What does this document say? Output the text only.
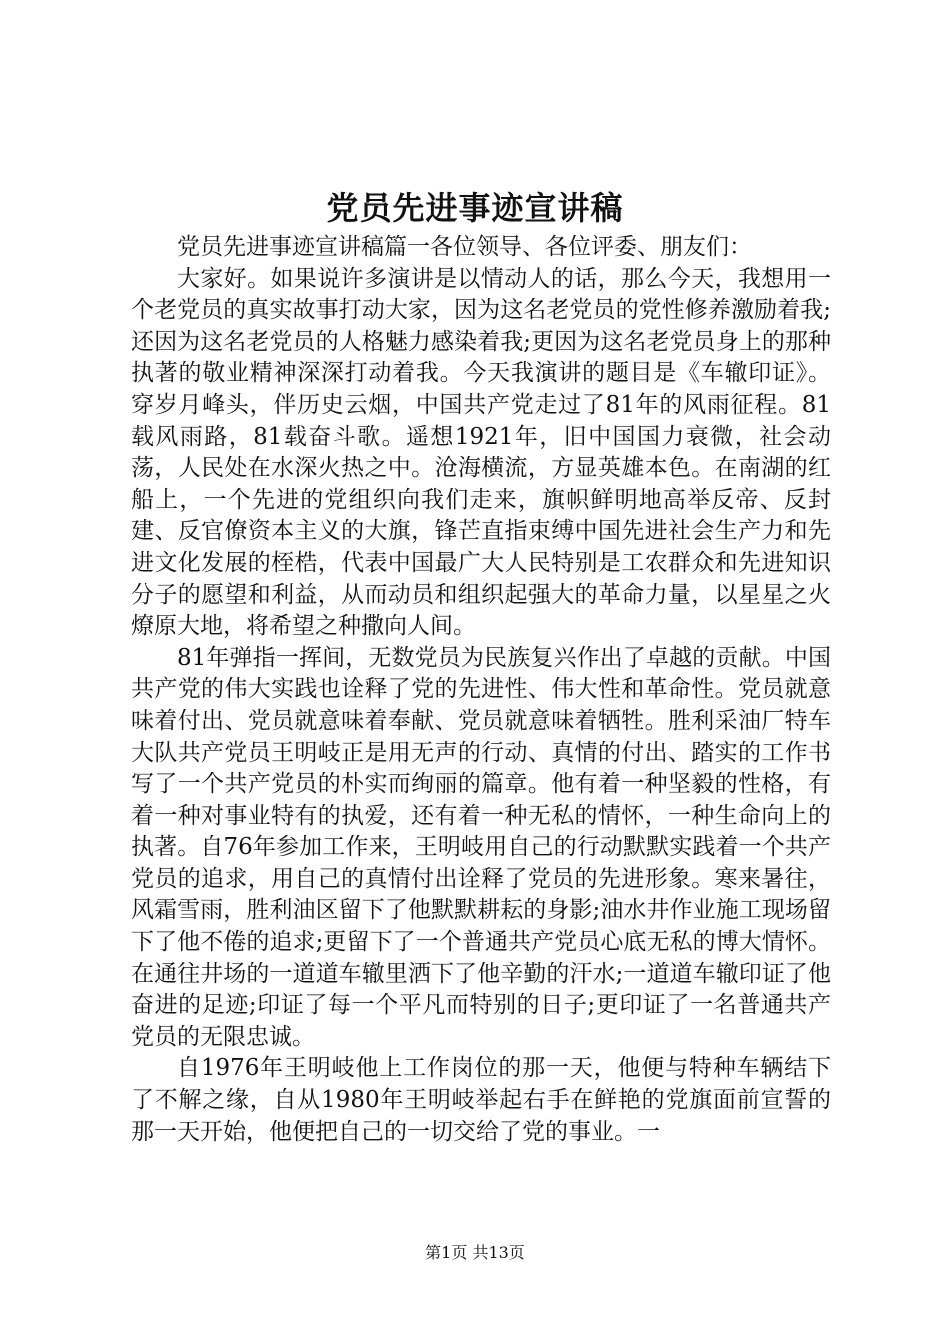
党员先进事迹宣讲稿

党员先进事迹宣讲稿篇一各位领导、各位评委、朋友们：

大家好。如果说许多演讲是以情动人的话，那么今天，我想用一个老党员的真实故事打动大家，因为这名老党员的党性修养激励着我;还因为这名老党员的人格魅力感染着我;更因为这名老党员身上的那种执著的敬业精神深深打动着我。今天我演讲的题目是《车辙印证》。穿岁月峰头，伴历史云烟，中国共产党走过了81年的风雨征程。81载风雨路，81载奋斗歌。遥想1921年，旧中国国力衰微，社会动荡，人民处在水深火热之中。沧海横流，方显英雄本色。在南湖的红船上，一个先进的党组织向我们走来，旗帜鲜明地高举反帝、反封建、反官僚资本主义的大旗，锋芒直指束缚中国先进社会生产力和先进文化发展的桎梏，代表中国最广大人民特别是工农群众和先进知识分子的愿望和利益，从而动员和组织起强大的革命力量，以星星之火燎原大地，将希望之种撒向人间。

81年弹指一挥间，无数党员为民族复兴作出了卓越的贡献。中国共产党的伟大实践也诠释了党的先进性、伟大性和革命性。党员就意味着付出、党员就意味着奉献、党员就意味着牺牲。胜利采油厂特车大队共产党员王明岐正是用无声的行动、真情的付出、踏实的工作书写了一个共产党员的朴实而绚丽的篇章。他有着一种坚毅的性格，有着一种对事业特有的执爱，还有着一种无私的情怀，一种生命向上的执著。自76年参加工作来，王明岐用自己的行动默默实践着一个共产党员的追求，用自己的真情付出诠释了党员的先进形象。寒来暑往，风霜雪雨，胜利油区留下了他默默耕耘的身影;油水井作业施工现场留下了他不倦的追求;更留下了一个普通共产党员心底无私的博大情怀。在通往井场的一道道车辙里洒下了他辛勤的汗水;一道道车辙印证了他奋进的足迹;印证了每一个平凡而特别的日子;更印证了一名普通共产党员的无限忠诚。

自1976年王明岐他上工作岗位的那一天，他便与特种车辆结下了不解之缘，自从1980年王明岐举起右手在鲜艳的党旗面前宣誓的那一天开始，他便把自己的一切交给了党的事业。一

第1页 共13页
